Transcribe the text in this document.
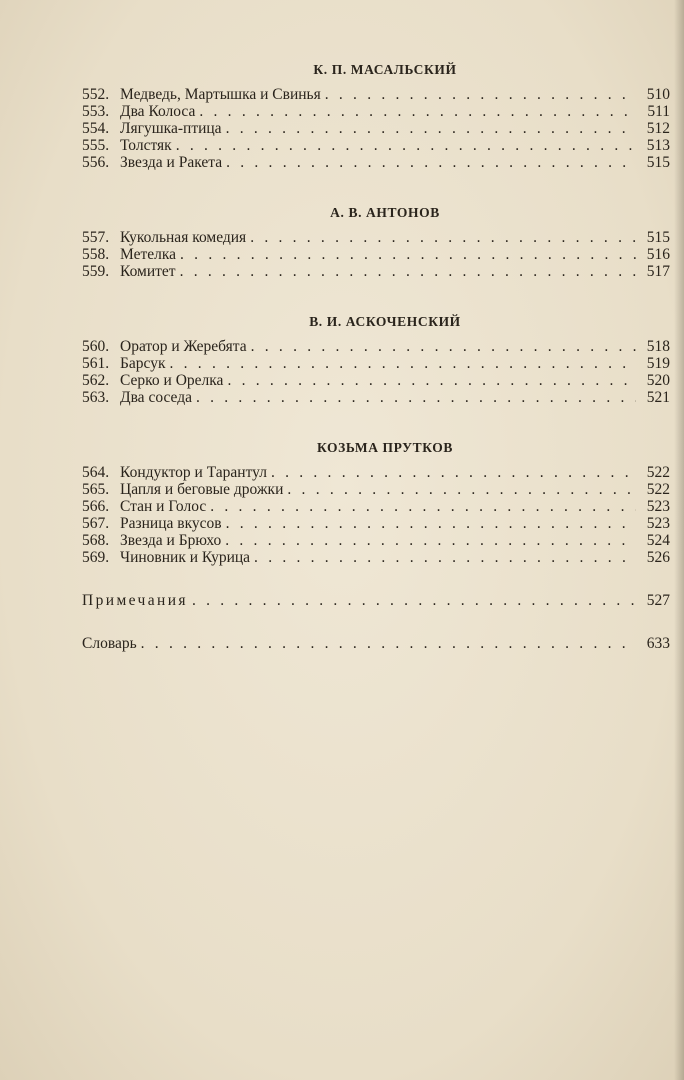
К. П. МАСАЛЬСКИЙ
552. Медведь, Мартышка и Свинья . . .	510
553. Два Колоса . . .	511
554. Лягушка-птица . . .	512
555. Толстяк . . .	513
556. Звезда и Ракета . . .	515
А. В. АНТОНОВ
557. Кукольная комедия . . .	515
558. Метелка . . .	516
559. Комитет . . .	517
В. И. АСКОЧЕНСКИЙ
560. Оратор и Жеребята . . .	518
561. Барсук . . .	519
562. Серко и Орелка . . .	520
563. Два соседа . . .	521
КОЗЬМА ПРУТКОВ
564. Кондуктор и Тарантул . . .	522
565. Цапля и беговые дрожки . . .	522
566. Стан и Голос . . .	523
567. Разница вкусов . . .	523
568. Звезда и Брюхо . . .	524
569. Чиновник и Курица . . .	526
Примечания . . .	527
Словарь . . .	633
